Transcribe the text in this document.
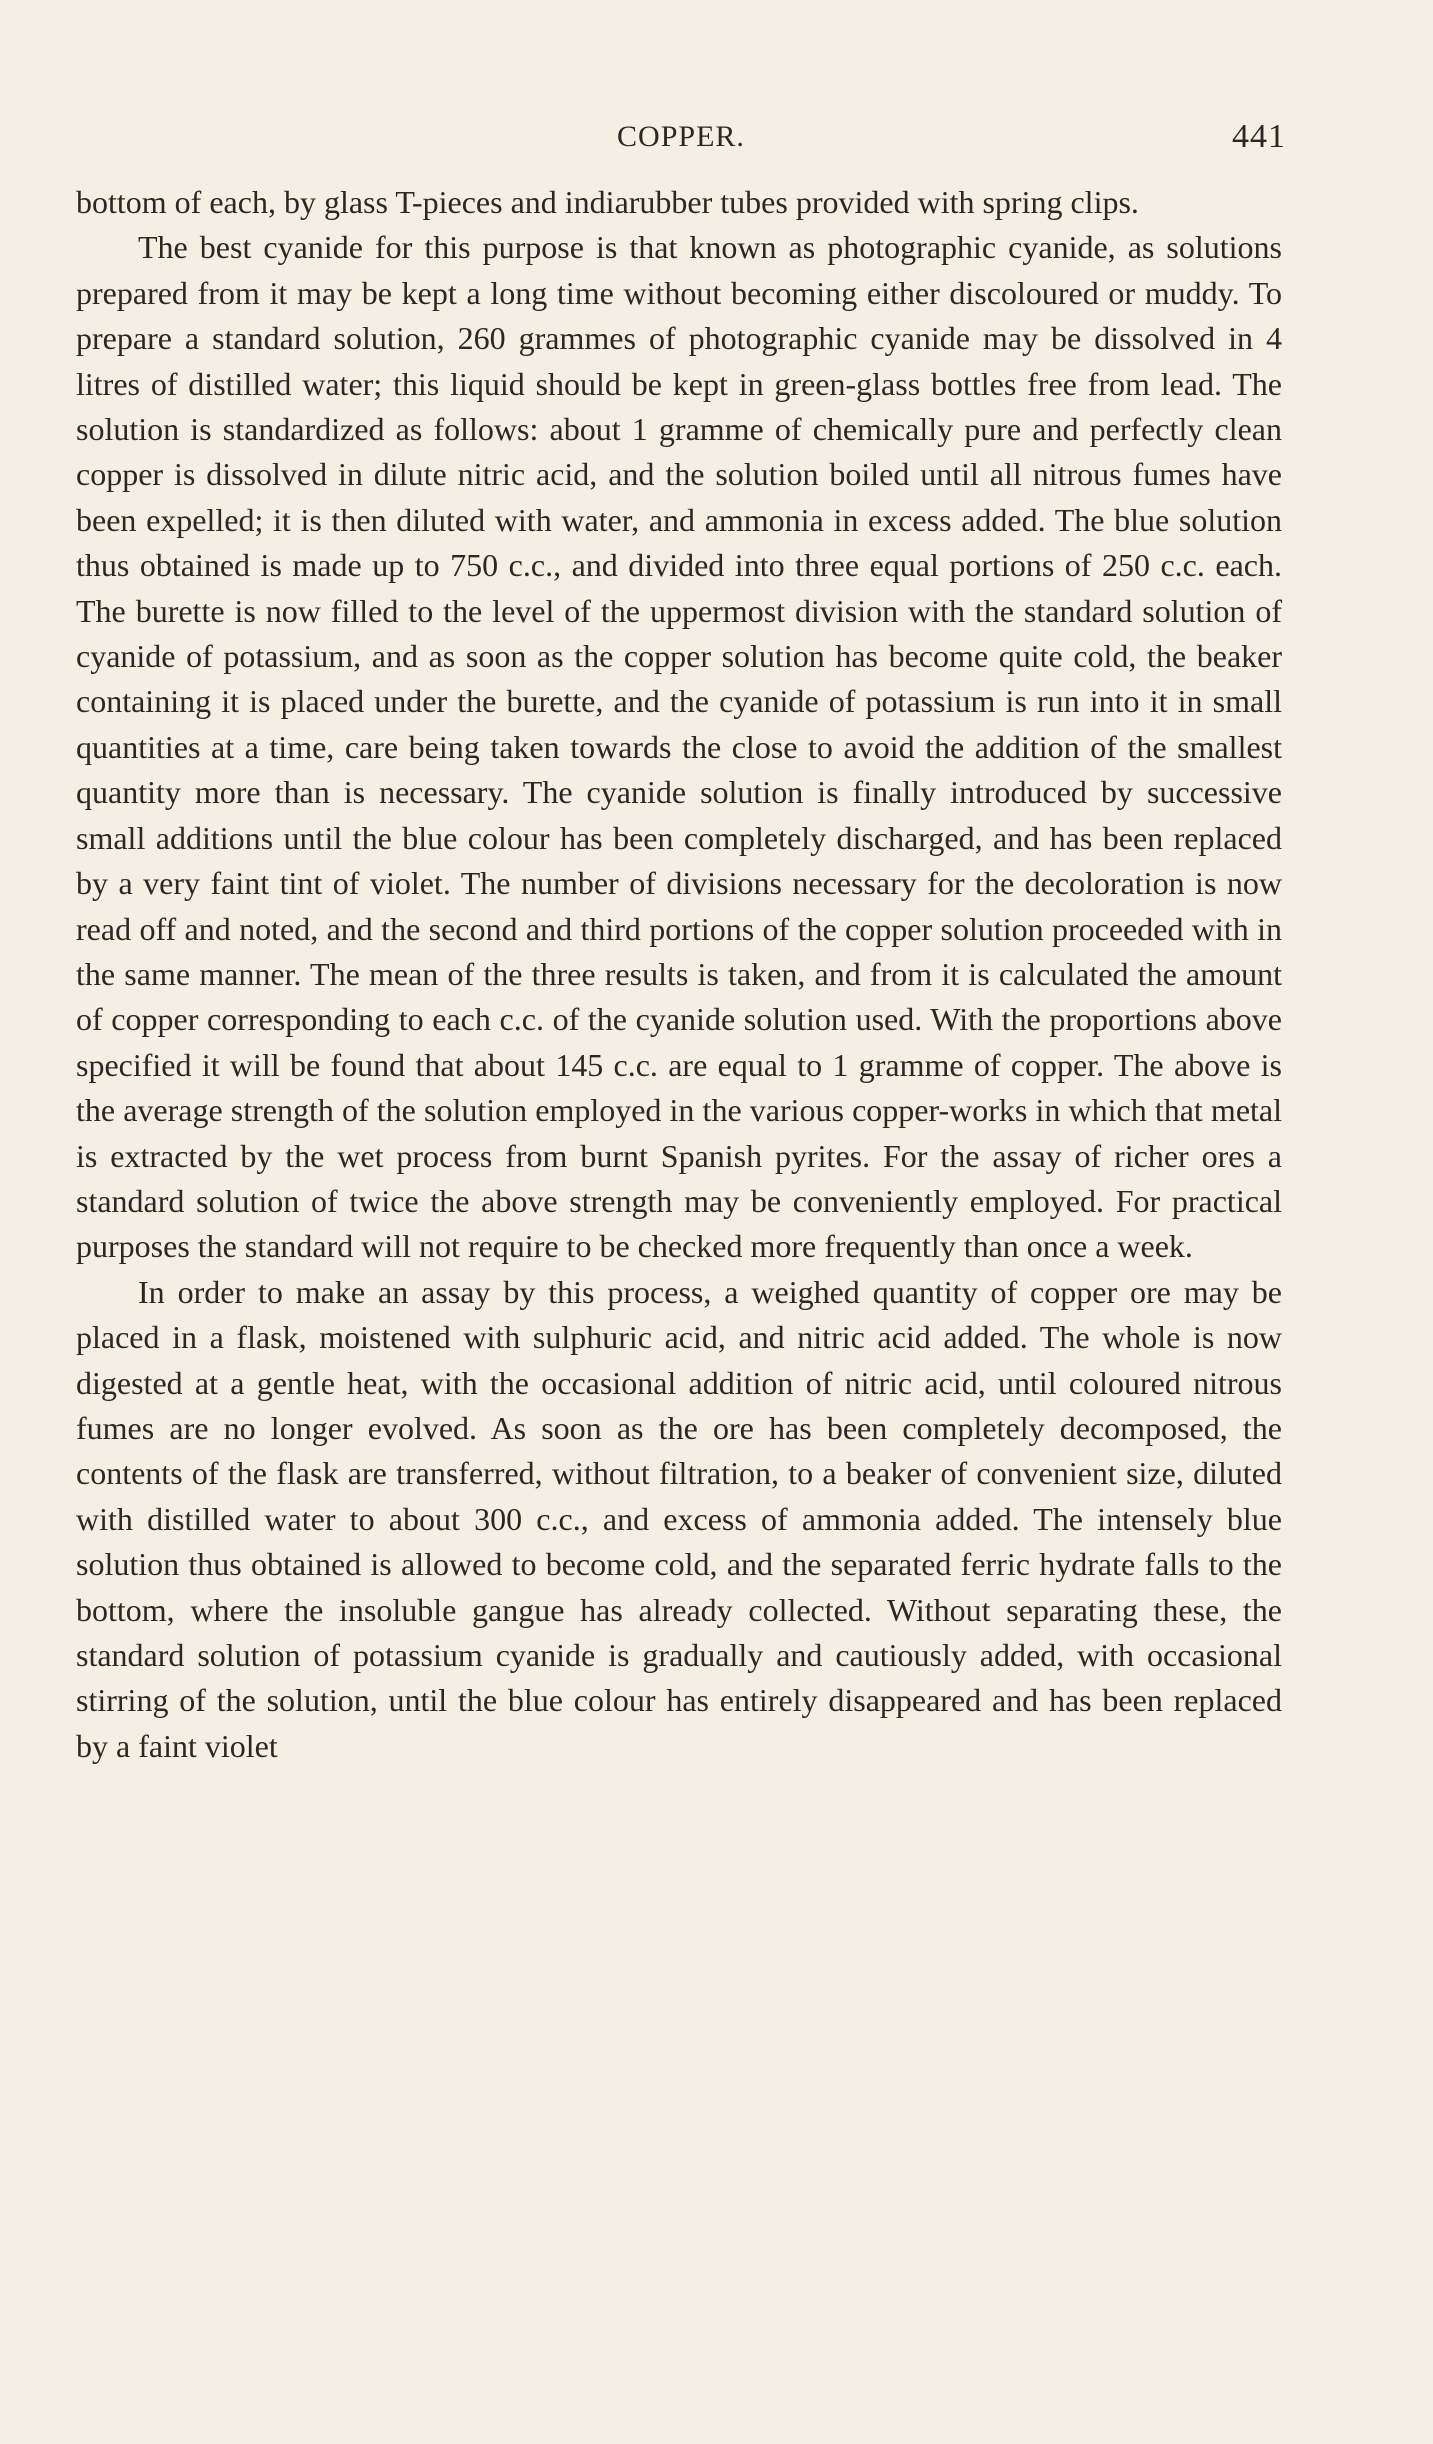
COPPER.	441

bottom of each, by glass T-pieces and indiarubber tubes provided with spring clips.

The best cyanide for this purpose is that known as photographic cyanide, as solutions prepared from it may be kept a long time without becoming either discoloured or muddy. To prepare a standard solution, 260 grammes of photographic cyanide may be dissolved in 4 litres of distilled water; this liquid should be kept in green-glass bottles free from lead. The solution is standardized as follows: about 1 gramme of chemically pure and perfectly clean copper is dissolved in dilute nitric acid, and the solution boiled until all nitrous fumes have been expelled; it is then diluted with water, and ammonia in excess added. The blue solution thus obtained is made up to 750 c.c., and divided into three equal portions of 250 c.c. each. The burette is now filled to the level of the uppermost division with the standard solution of cyanide of potassium, and as soon as the copper solution has become quite cold, the beaker containing it is placed under the burette, and the cyanide of potassium is run into it in small quantities at a time, care being taken towards the close to avoid the addition of the smallest quantity more than is necessary. The cyanide solution is finally introduced by successive small additions until the blue colour has been completely discharged, and has been replaced by a very faint tint of violet. The number of divisions necessary for the decoloration is now read off and noted, and the second and third portions of the copper solution proceeded with in the same manner. The mean of the three results is taken, and from it is calculated the amount of copper corresponding to each c.c. of the cyanide solution used. With the proportions above specified it will be found that about 145 c.c. are equal to 1 gramme of copper. The above is the average strength of the solution employed in the various copper-works in which that metal is extracted by the wet process from burnt Spanish pyrites. For the assay of richer ores a standard solution of twice the above strength may be conveniently employed. For practical purposes the standard will not require to be checked more frequently than once a week.

In order to make an assay by this process, a weighed quantity of copper ore may be placed in a flask, moistened with sulphuric acid, and nitric acid added. The whole is now digested at a gentle heat, with the occasional addition of nitric acid, until coloured nitrous fumes are no longer evolved. As soon as the ore has been completely decomposed, the contents of the flask are transferred, without filtration, to a beaker of convenient size, diluted with distilled water to about 300 c.c., and excess of ammonia added. The intensely blue solution thus obtained is allowed to become cold, and the separated ferric hydrate falls to the bottom, where the insoluble gangue has already collected. Without separating these, the standard solution of potassium cyanide is gradually and cautiously added, with occasional stirring of the solution, until the blue colour has entirely disappeared and has been replaced by a faint violet
